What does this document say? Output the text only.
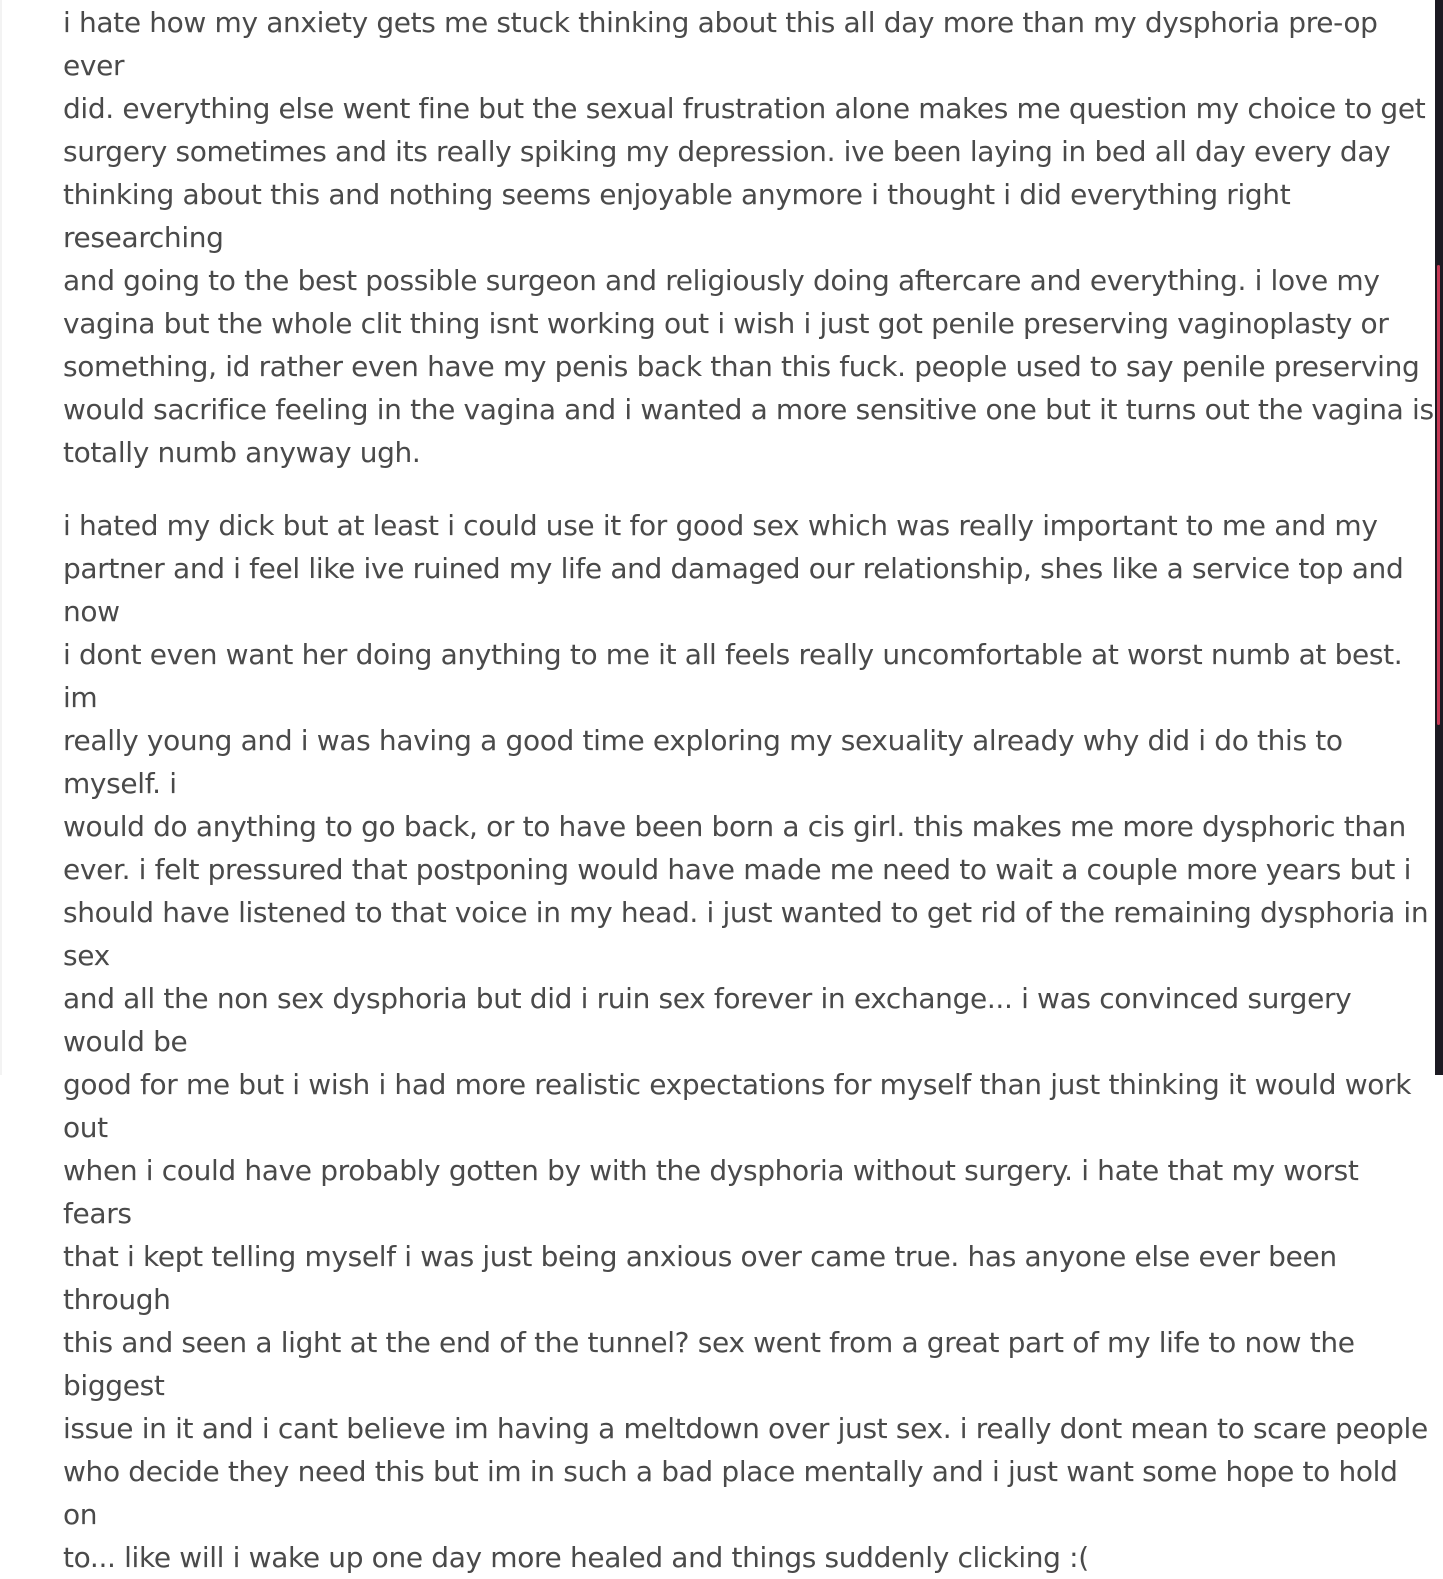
i hate how my anxiety gets me stuck thinking about this all day more than my dysphoria pre-op ever
did. everything else went fine but the sexual frustration alone makes me question my choice to get
surgery sometimes and its really spiking my depression. ive been laying in bed all day every day
thinking about this and nothing seems enjoyable anymore i thought i did everything right researching
and going to the best possible surgeon and religiously doing aftercare and everything. i love my
vagina but the whole clit thing isnt working out i wish i just got penile preserving vaginoplasty or
something, id rather even have my penis back than this fuck. people used to say penile preserving
would sacrifice feeling in the vagina and i wanted a more sensitive one but it turns out the vagina is
totally numb anyway ugh.

i hated my dick but at least i could use it for good sex which was really important to me and my
partner and i feel like ive ruined my life and damaged our relationship, shes like a service top and now
i dont even want her doing anything to me it all feels really uncomfortable at worst numb at best. im
really young and i was having a good time exploring my sexuality already why did i do this to myself. i
would do anything to go back, or to have been born a cis girl. this makes me more dysphoric than
ever. i felt pressured that postponing would have made me need to wait a couple more years but i
should have listened to that voice in my head. i just wanted to get rid of the remaining dysphoria in sex
and all the non sex dysphoria but did i ruin sex forever in exchange... i was convinced surgery would be
good for me but i wish i had more realistic expectations for myself than just thinking it would work out
when i could have probably gotten by with the dysphoria without surgery. i hate that my worst fears
that i kept telling myself i was just being anxious over came true. has anyone else ever been through
this and seen a light at the end of the tunnel? sex went from a great part of my life to now the biggest
issue in it and i cant believe im having a meltdown over just sex. i really dont mean to scare people
who decide they need this but im in such a bad place mentally and i just want some hope to hold on
to... like will i wake up one day more healed and things suddenly clicking :(
